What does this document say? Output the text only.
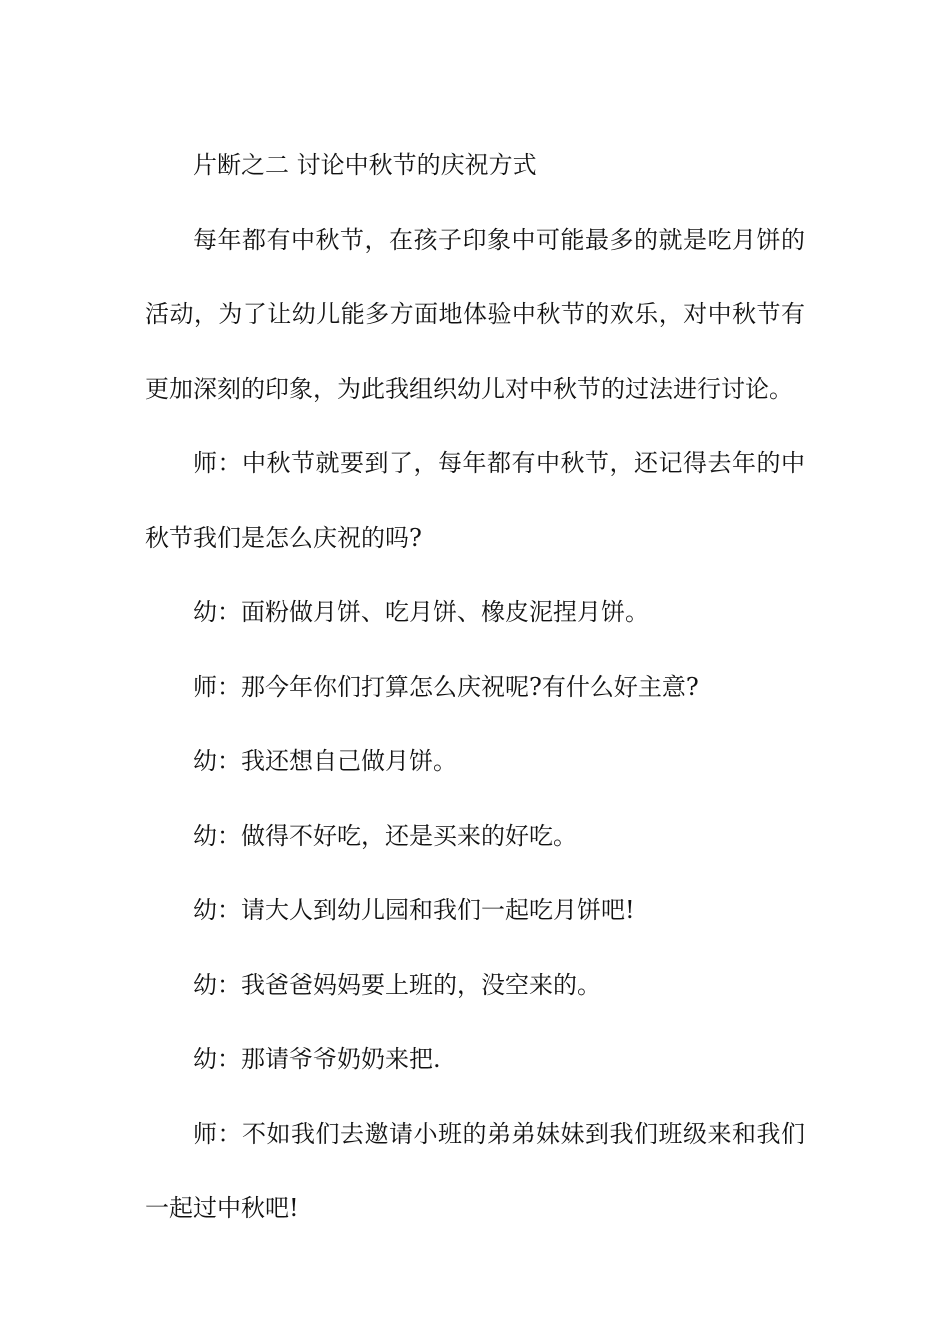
片断之二 讨论中秋节的庆祝方式

每年都有中秋节，在孩子印象中可能最多的就是吃月饼的活动，为了让幼儿能多方面地体验中秋节的欢乐，对中秋节有更加深刻的印象，为此我组织幼儿对中秋节的过法进行讨论。

师：中秋节就要到了，每年都有中秋节，还记得去年的中秋节我们是怎么庆祝的吗?

幼：面粉做月饼、吃月饼、橡皮泥捏月饼。

师：那今年你们打算怎么庆祝呢?有什么好主意?

幼：我还想自己做月饼。

幼：做得不好吃，还是买来的好吃。

幼：请大人到幼儿园和我们一起吃月饼吧!

幼：我爸爸妈妈要上班的，没空来的。

幼：那请爷爷奶奶来把.

师：不如我们去邀请小班的弟弟妹妹到我们班级来和我们一起过中秋吧!
